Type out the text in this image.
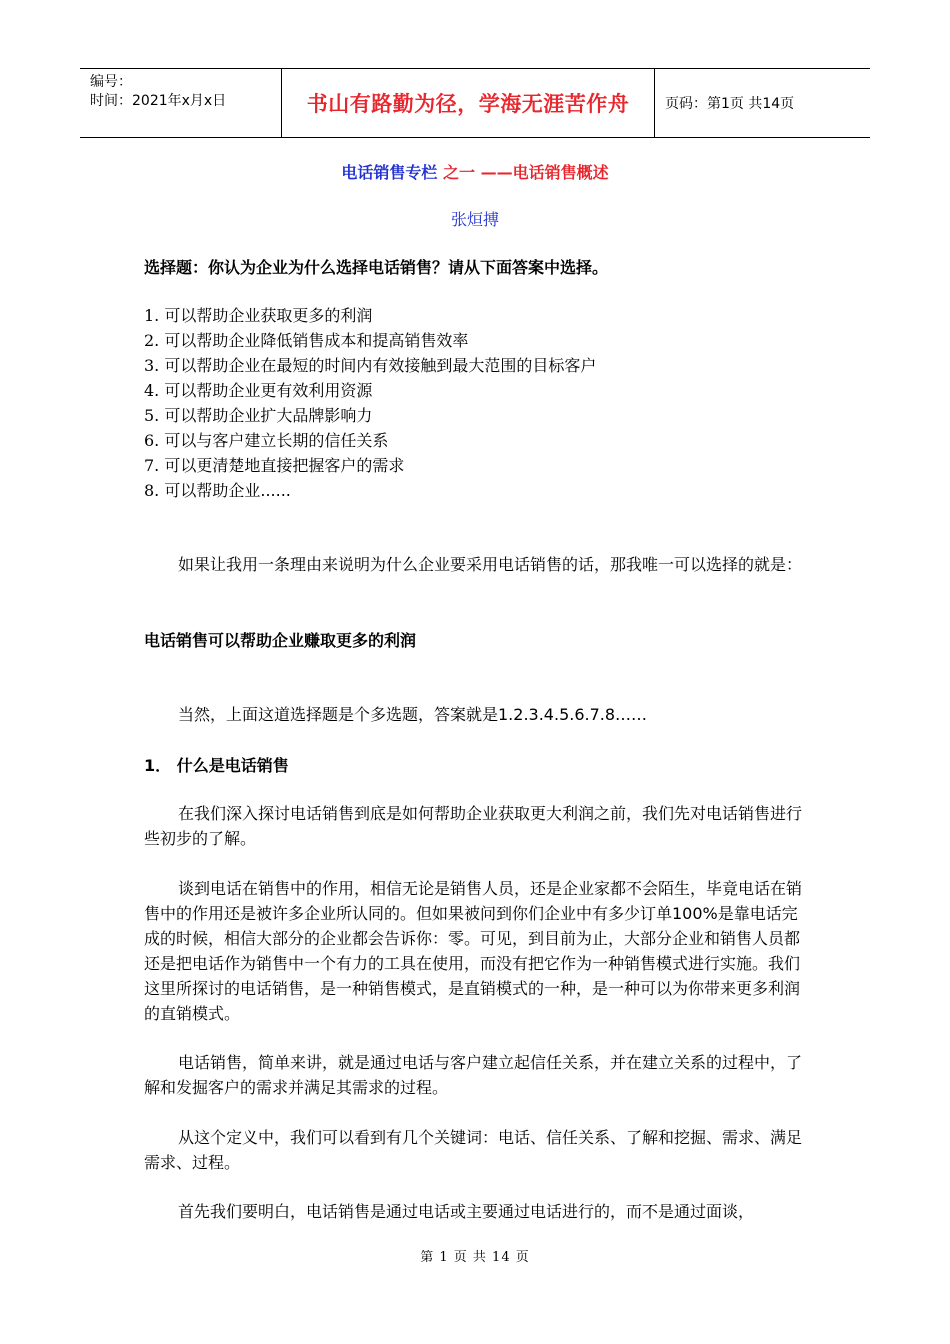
编号：
时间：2021年x月x日	书山有路勤为径，学海无涯苦作舟	页码：第1页 共14页
电话销售专栏 之一 ——电话销售概述
张烜搏
选择题：你认为企业为什么选择电话销售？请从下面答案中选择。
1. 可以帮助企业获取更多的利润
2. 可以帮助企业降低销售成本和提高销售效率
3. 可以帮助企业在最短的时间内有效接触到最大范围的目标客户
4. 可以帮助企业更有效利用资源
5. 可以帮助企业扩大品牌影响力
6. 可以与客户建立长期的信任关系
7. 可以更清楚地直接把握客户的需求
8. 可以帮助企业......
如果让我用一条理由来说明为什么企业要采用电话销售的话，那我唯一可以选择的就是：
电话销售可以帮助企业赚取更多的利润
当然，上面这道选择题是个多选题，答案就是1.2.3.4.5.6.7.8……
1． 什么是电话销售
在我们深入探讨电话销售到底是如何帮助企业获取更大利润之前，我们先对电话销售进行些初步的了解。
谈到电话在销售中的作用，相信无论是销售人员，还是企业家都不会陌生，毕竟电话在销售中的作用还是被许多企业所认同的。但如果被问到你们企业中有多少订单100%是靠电话完成的时候，相信大部分的企业都会告诉你：零。可见，到目前为止，大部分企业和销售人员都还是把电话作为销售中一个有力的工具在使用，而没有把它作为一种销售模式进行实施。我们这里所探讨的电话销售，是一种销售模式，是直销模式的一种，是一种可以为你带来更多利润的直销模式。
电话销售，简单来讲，就是通过电话与客户建立起信任关系，并在建立关系的过程中，了解和发掘客户的需求并满足其需求的过程。
从这个定义中，我们可以看到有几个关键词：电话、信任关系、了解和挖掘、需求、满足需求、过程。
首先我们要明白，电话销售是通过电话或主要通过电话进行的，而不是通过面谈，
第 1 页 共 14 页
